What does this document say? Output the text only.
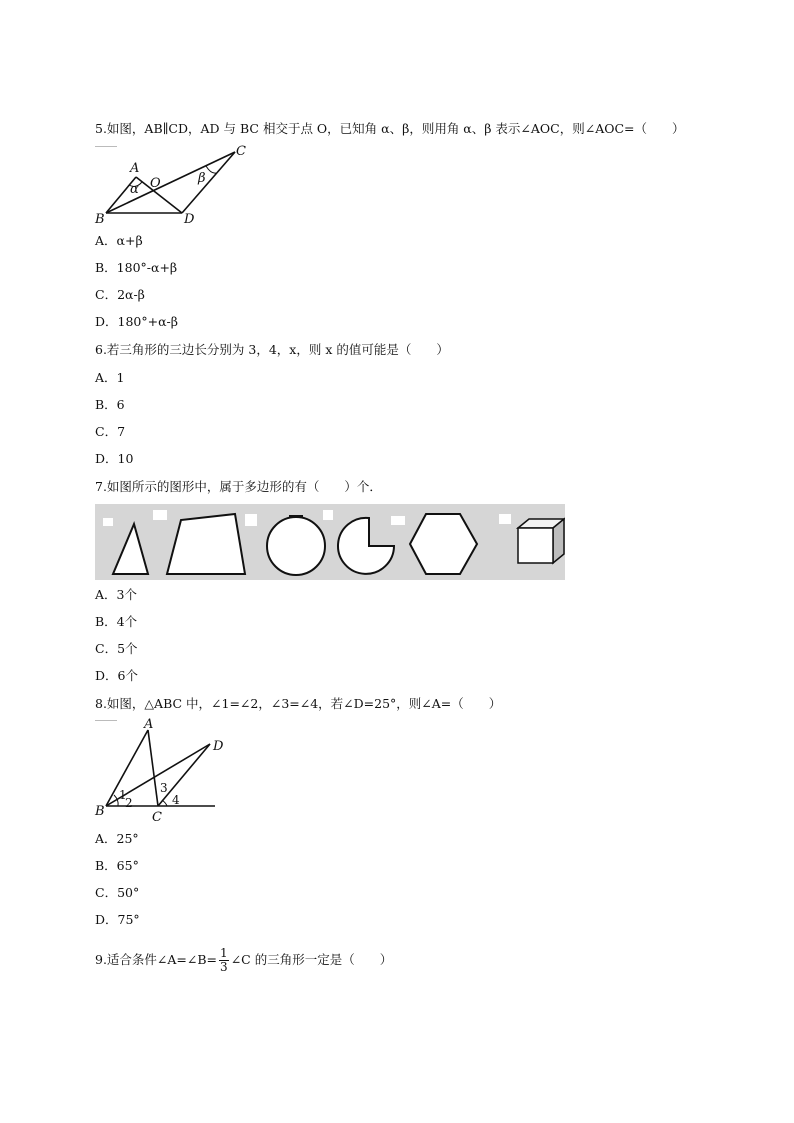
5.如图，AB∥CD，AD 与 BC 相交于点 O，已知角 α、β，则用角 α、β 表示∠AOC，则∠AOC=（　　）
A
B
C
D
O
α
β
A．α+β
B．180°-α+β
C．2α-β
D．180°+α-β
6.若三角形的三边长分别为 3，4，x，则 x 的值可能是（　　）
A．1
B．6
C．7
D．10
7.如图所示的图形中，属于多边形的有（　　）个．
A．3个
B．4个
C．5个
D．6个
8.如图，△ABC 中，∠1=∠2，∠3=∠4，若∠D=25°，则∠A=（　　）
A
B	C
D
1
2
3
4
A．25°
B．65°
C．50°
D．75°
9.适合条件∠A=∠B= $\frac{1}{3}$ ∠C 的三角形一定是（　　）
